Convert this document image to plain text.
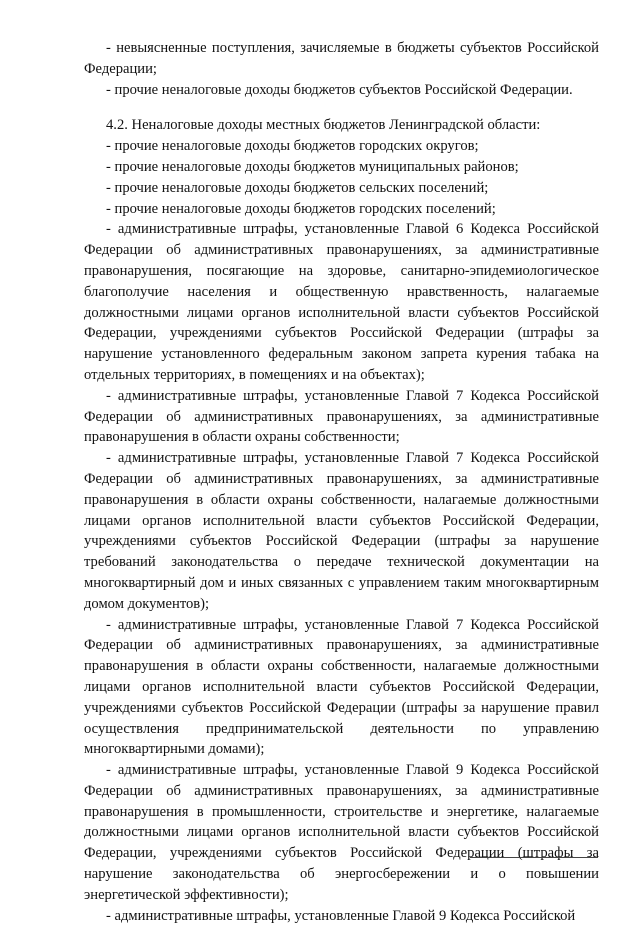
- невыясненные поступления, зачисляемые в бюджеты субъектов Российской Федерации;

- прочие неналоговые доходы бюджетов субъектов Российской Федерации.

4.2. Неналоговые доходы местных бюджетов Ленинградской области:

- прочие неналоговые доходы бюджетов городских округов;

- прочие неналоговые доходы бюджетов муниципальных районов;

- прочие неналоговые доходы бюджетов сельских поселений;

- прочие неналоговые доходы бюджетов городских поселений;

- административные штрафы, установленные Главой 6 Кодекса Российской Федерации об административных правонарушениях, за административные правонарушения, посягающие на здоровье, санитарно-эпидемиологическое благополучие населения и общественную нравственность, налагаемые должностными лицами органов исполнительной власти субъектов Российской Федерации, учреждениями субъектов Российской Федерации (штрафы за нарушение установленного федеральным законом запрета курения табака на отдельных территориях, в помещениях и на объектах);

- административные штрафы, установленные Главой 7 Кодекса Российской Федерации об административных правонарушениях, за административные правонарушения в области охраны собственности;

- административные штрафы, установленные Главой 7 Кодекса Российской Федерации об административных правонарушениях, за административные правонарушения в области охраны собственности, налагаемые должностными лицами органов исполнительной власти субъектов Российской Федерации, учреждениями субъектов Российской Федерации (штрафы за нарушение требований законодательства о передаче технической документации на многоквартирный дом и иных связанных с управлением таким многоквартирным домом документов);

- административные штрафы, установленные Главой 7 Кодекса Российской Федерации об административных правонарушениях, за административные правонарушения в области охраны собственности, налагаемые должностными лицами органов исполнительной власти субъектов Российской Федерации, учреждениями субъектов Российской Федерации (штрафы за нарушение правил осуществления предпринимательской деятельности по управлению многоквартирными домами);

- административные штрафы, установленные Главой 9 Кодекса Российской Федерации об административных правонарушениях, за административные правонарушения в промышленности, строительстве и энергетике, налагаемые должностными лицами органов исполнительной власти субъектов Российской Федерации, учреждениями субъектов Российской Федерации (штрафы за нарушение законодательства об энергосбережении и о повышении энергетической эффективности);

- административные штрафы, установленные Главой 9 Кодекса Российской
